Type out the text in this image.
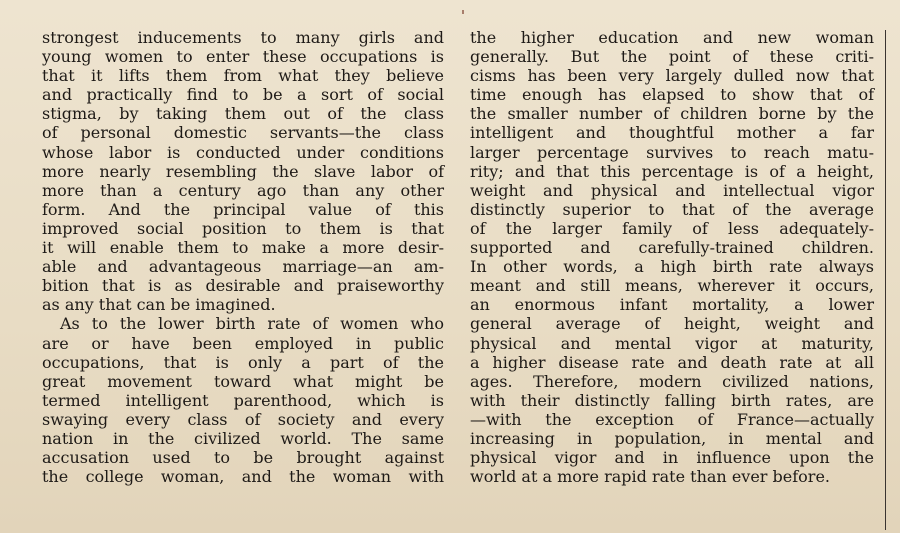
strongest inducements to many girls and

young women to enter these occupations is

that it lifts them from what they believe

and practically find to be a sort of social

stigma, by taking them out of the class

of personal domestic servants—the class

whose labor is conducted under conditions

more nearly resembling the slave labor of

more than a century ago than any other

form. And the principal value of this

improved social position to them is that

it will enable them to make a more desir-

able and advantageous marriage—an am-

bition that is as desirable and praiseworthy

as any that can be imagined.

As to the lower birth rate of women who

are or have been employed in public

occupations, that is only a part of the

great movement toward what might be

termed intelligent parenthood, which is

swaying every class of society and every

nation in the civilized world. The same

accusation used to be brought against

the college woman, and the woman with

the higher education and new woman

generally. But the point of these criti-

cisms has been very largely dulled now that

time enough has elapsed to show that of

the smaller number of children borne by the

intelligent and thoughtful mother a far

larger percentage survives to reach matu-

rity; and that this percentage is of a height,

weight and physical and intellectual vigor

distinctly superior to that of the average

of the larger family of less adequately-

supported and carefully-trained children.

In other words, a high birth rate always

meant and still means, wherever it occurs,

an enormous infant mortality, a lower

general average of height, weight and

physical and mental vigor at maturity,

a higher disease rate and death rate at all

ages. Therefore, modern civilized nations,

with their distinctly falling birth rates, are

—with the exception of France—actually

increasing in population, in mental and

physical vigor and in influence upon the

world at a more rapid rate than ever before.
